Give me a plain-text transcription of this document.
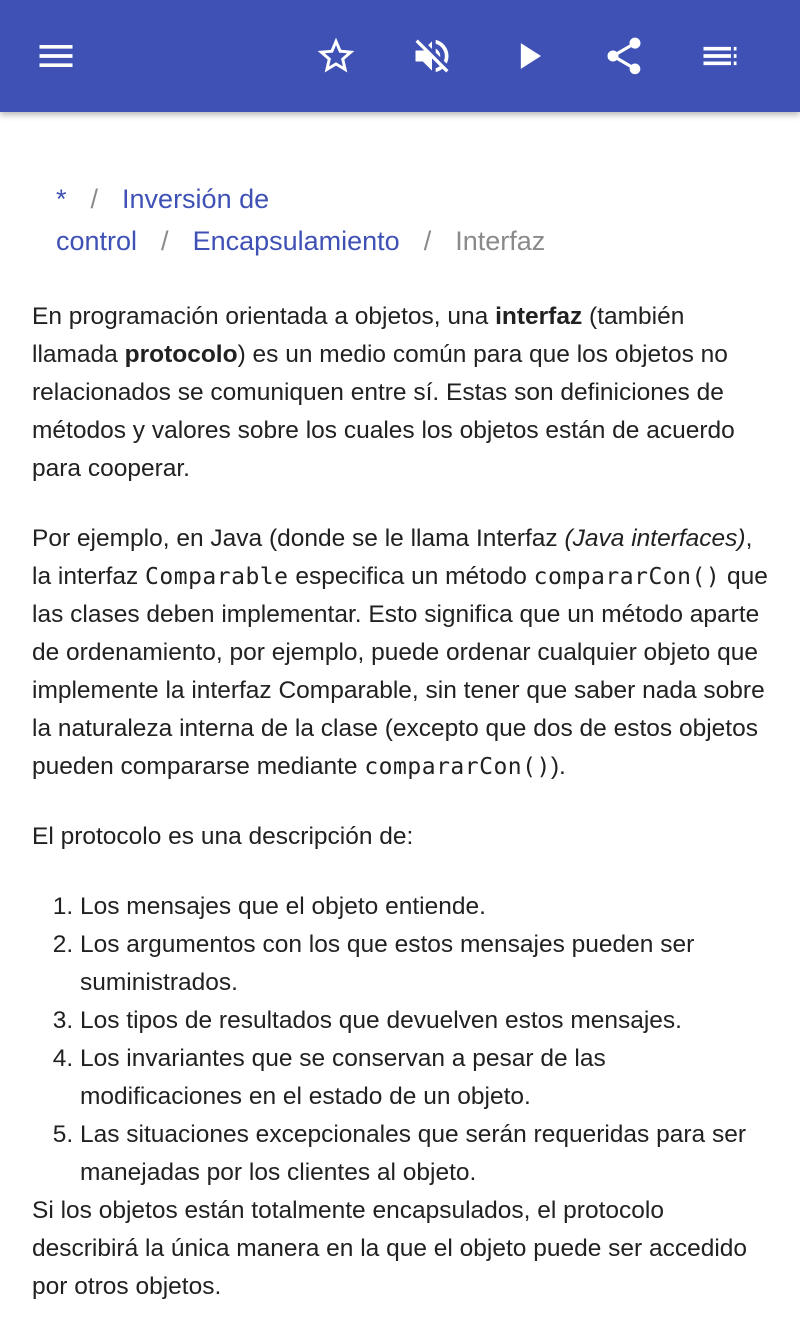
* / Inversión de control / Encapsulamiento / Interfaz

En programación orientada a objetos, una interfaz (también llamada protocolo) es un medio común para que los objetos no relacionados se comuniquen entre sí. Estas son definiciones de métodos y valores sobre los cuales los objetos están de acuerdo para cooperar.

Por ejemplo, en Java (donde se le llama Interfaz (Java interfaces), la interfaz Comparable especifica un método compararCon() que las clases deben implementar. Esto significa que un método aparte de ordenamiento, por ejemplo, puede ordenar cualquier objeto que implemente la interfaz Comparable, sin tener que saber nada sobre la naturaleza interna de la clase (excepto que dos de estos objetos pueden compararse mediante compararCon()).

El protocolo es una descripción de:

1. Los mensajes que el objeto entiende.
2. Los argumentos con los que estos mensajes pueden ser suministrados.
3. Los tipos de resultados que devuelven estos mensajes.
4. Los invariantes que se conservan a pesar de las modificaciones en el estado de un objeto.
5. Las situaciones excepcionales que serán requeridas para ser manejadas por los clientes al objeto.

Si los objetos están totalmente encapsulados, el protocolo describirá la única manera en la que el objeto puede ser accedido por otros objetos.
